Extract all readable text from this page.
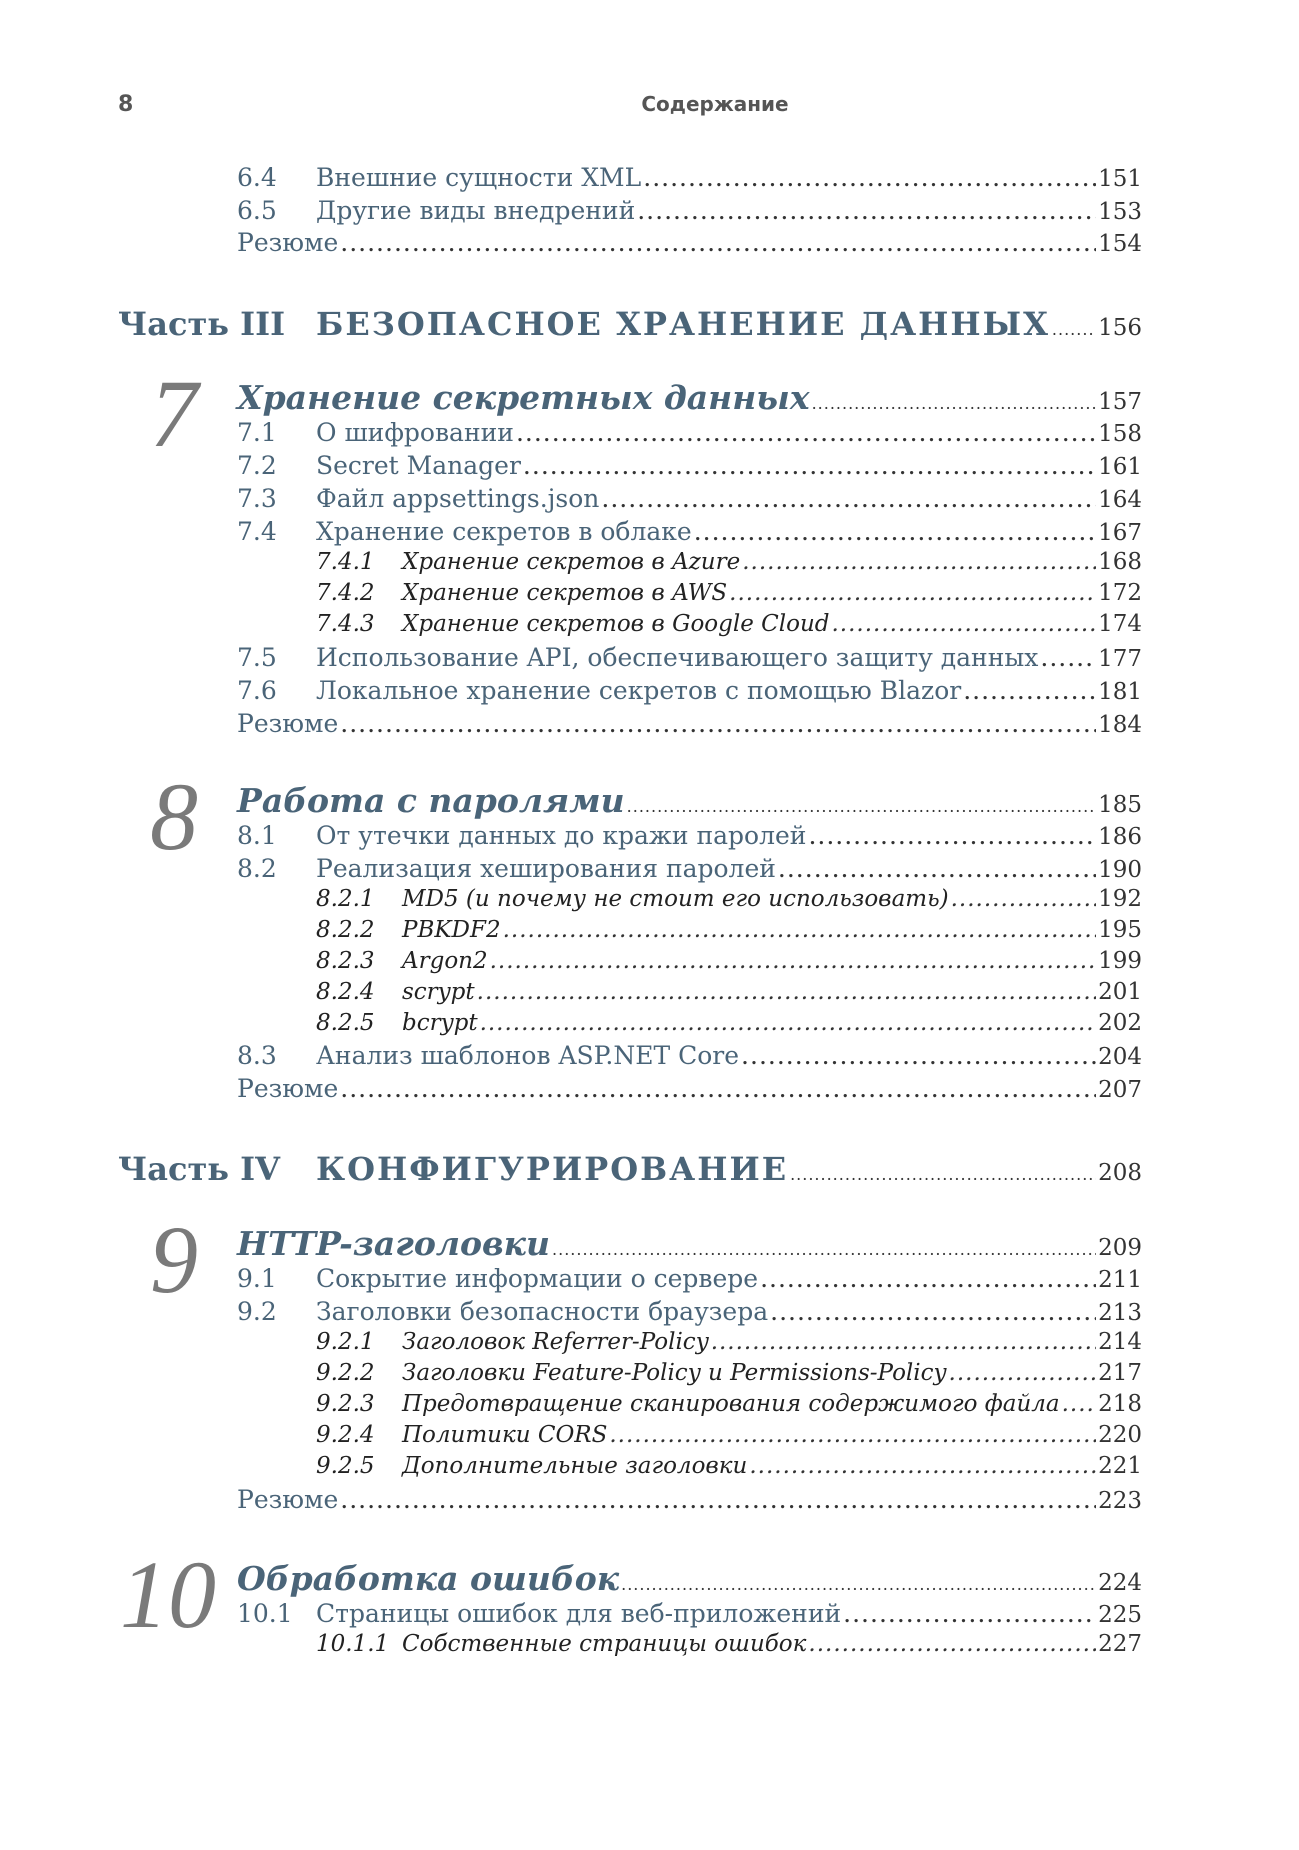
8	Содержание
6.4 Внешние сущности XML .....	151
6.5 Другие виды внедрений .....	153
Резюме .....	154
Часть III БЕЗОПАСНОЕ ХРАНЕНИЕ ДАННЫХ ..... 156
7 Хранение секретных данных .....	157
7.1 О шифровании .....	158
7.2 Secret Manager .....	161
7.3 Файл appsettings.json .....	164
7.4 Хранение секретов в облаке .....	167
7.4.1 Хранение секретов в Azure .....	168
7.4.2 Хранение секретов в AWS .....	172
7.4.3 Хранение секретов в Google Cloud .....	174
7.5 Использование API, обеспечивающего защиту данных .....	177
7.6 Локальное хранение секретов с помощью Blazor .....	181
Резюме .....	184
8 Работа с паролями .....	185
8.1 От утечки данных до кражи паролей .....	186
8.2 Реализация хеширования паролей .....	190
8.2.1 MD5 (и почему не стоит его использовать) .....	192
8.2.2 PBKDF2 .....	195
8.2.3 Argon2 .....	199
8.2.4 scrypt .....	201
8.2.5 bcrypt .....	202
8.3 Анализ шаблонов ASP.NET Core .....	204
Резюме .....	207
Часть IV КОНФИГУРИРОВАНИЕ .....	208
9 HTTP-заголовки .....	209
9.1 Сокрытие информации о сервере .....	211
9.2 Заголовки безопасности браузера .....	213
9.2.1 Заголовок Referrer-Policy .....	214
9.2.2 Заголовки Feature-Policy и Permissions-Policy .....	217
9.2.3 Предотвращение сканирования содержимого файла ..... 218
9.2.4 Политики CORS .....	220
9.2.5 Дополнительные заголовки .....	221
Резюме .....	223
10 Обработка ошибок .....	224
10.1 Страницы ошибок для веб-приложений .....	225
10.1.1 Собственные страницы ошибок .....	227
